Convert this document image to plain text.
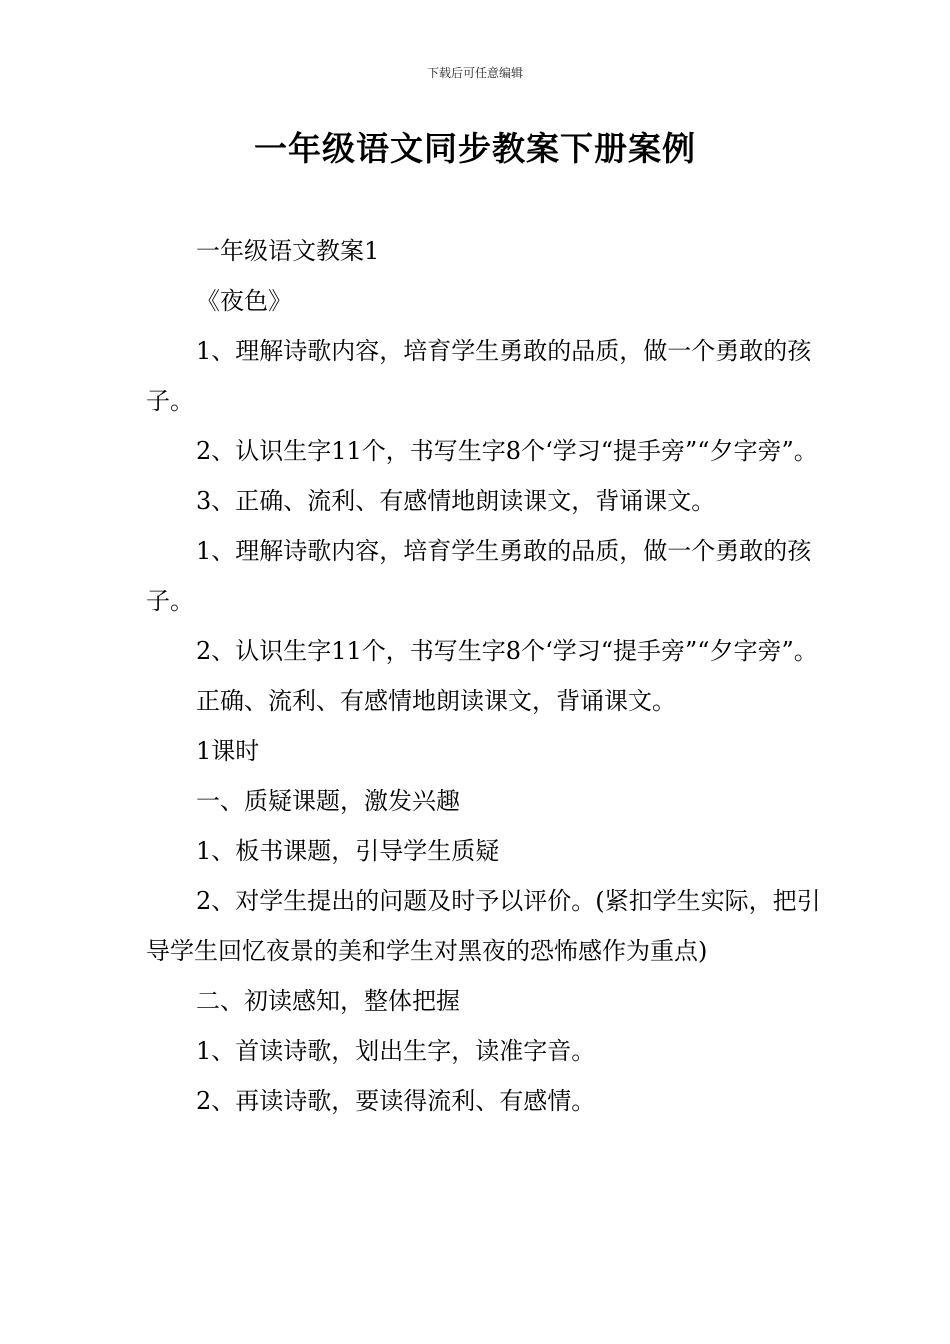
下载后可任意编辑
一年级语文同步教案下册案例

一年级语文教案1

《夜色》

1、理解诗歌内容，培育学生勇敢的品质，做一个勇敢的孩子。

2、认识生字11个，书写生字8个‘学习“提手旁”“夕字旁”。

3、正确、流利、有感情地朗读课文，背诵课文。

1、理解诗歌内容，培育学生勇敢的品质，做一个勇敢的孩子。

2、认识生字11个，书写生字8个‘学习“提手旁”“夕字旁”。

正确、流利、有感情地朗读课文，背诵课文。

1课时

一、质疑课题，激发兴趣

1、板书课题，引导学生质疑

2、对学生提出的问题及时予以评价。(紧扣学生实际，把引导学生回忆夜景的美和学生对黑夜的恐怖感作为重点)

二、初读感知，整体把握

1、首读诗歌，划出生字，读准字音。

2、再读诗歌，要读得流利、有感情。
